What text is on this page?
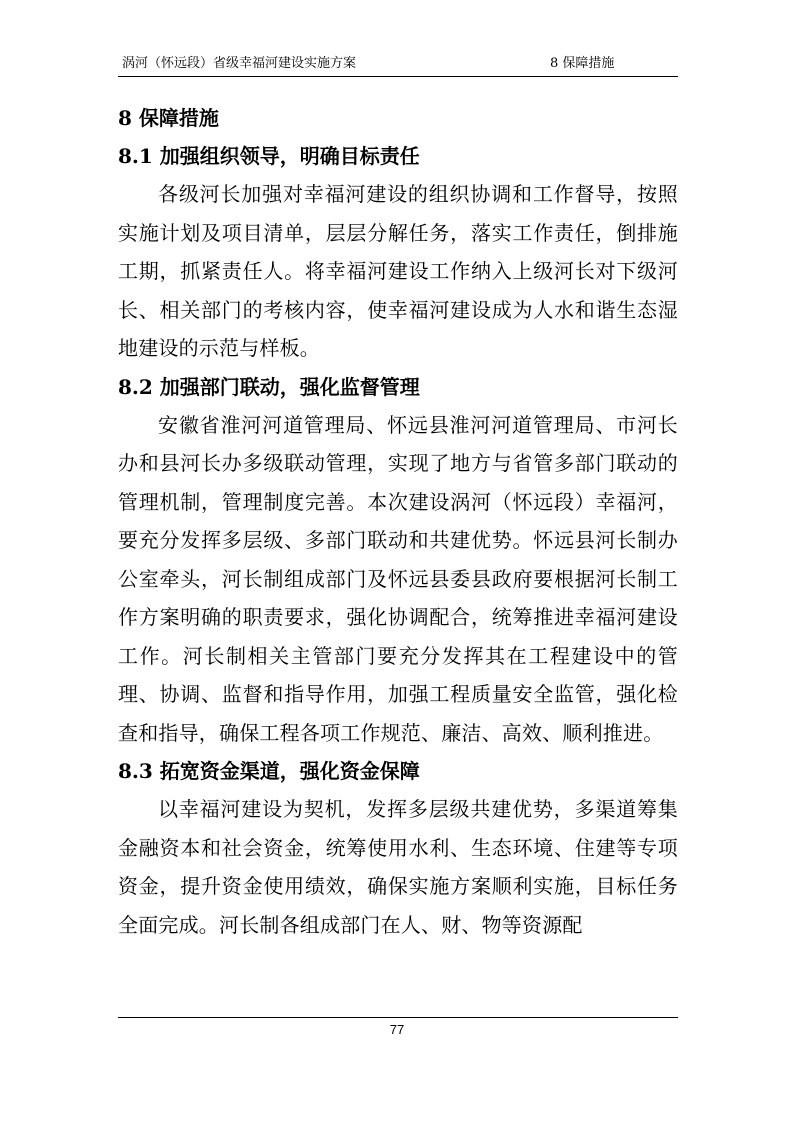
涡河（怀远段）省级幸福河建设实施方案	8 保障措施
8 保障措施
8.1 加强组织领导，明确目标责任

各级河长加强对幸福河建设的组织协调和工作督导，按照实施计划及项目清单，层层分解任务，落实工作责任，倒排施工期，抓紧责任人。将幸福河建设工作纳入上级河长对下级河长、相关部门的考核内容，使幸福河建设成为人水和谐生态湿地建设的示范与样板。

8.2 加强部门联动，强化监督管理

安徽省淮河河道管理局、怀远县淮河河道管理局、市河长办和县河长办多级联动管理，实现了地方与省管多部门联动的管理机制，管理制度完善。本次建设涡河（怀远段）幸福河，要充分发挥多层级、多部门联动和共建优势。怀远县河长制办公室牵头，河长制组成部门及怀远县委县政府要根据河长制工作方案明确的职责要求，强化协调配合，统筹推进幸福河建设工作。河长制相关主管部门要充分发挥其在工程建设中的管理、协调、监督和指导作用，加强工程质量安全监管，强化检查和指导，确保工程各项工作规范、廉洁、高效、顺利推进。

8.3 拓宽资金渠道，强化资金保障

以幸福河建设为契机，发挥多层级共建优势，多渠道筹集金融资本和社会资金，统筹使用水利、生态环境、住建等专项资金，提升资金使用绩效，确保实施方案顺利实施，目标任务全面完成。河长制各组成部门在人、财、物等资源配

77
